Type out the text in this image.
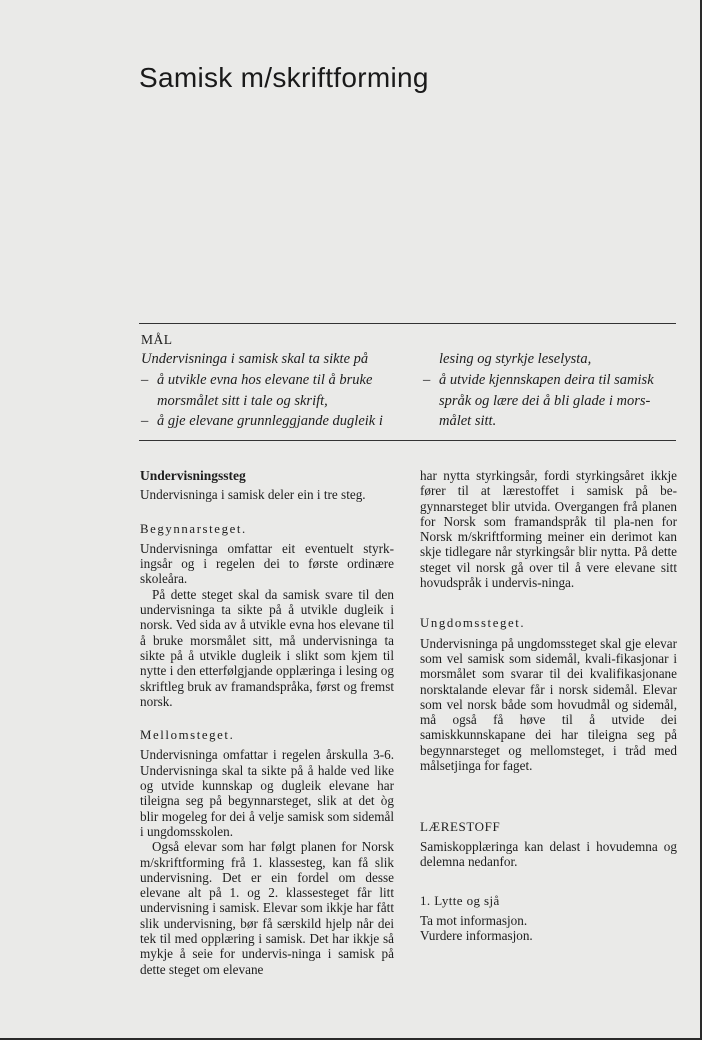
Samisk m/skriftforming
MÅL
Undervisninga i samisk skal ta sikte på
– å utvikle evna hos elevane til å bruke
morsmålet sitt i tale og skrift,
– å gje elevane grunnleggjande dugleik i
lesing og styrkje leselysta,
– å utvide kjennskapen deira til samisk
språk og lære dei å bli glade i mors-
målet sitt.
Undervisningssteg

Undervisninga i samisk deler ein i tre steg.

Begynnarsteget.

Undervisninga omfattar eit eventuelt styrk-ingsår og i regelen dei to første ordinære skoleåra.

På dette steget skal da samisk svare til den undervisninga ta sikte på å utvikle dugleik i norsk. Ved sida av å utvikle evna hos elevane til å bruke morsmålet sitt, må undervisninga ta sikte på å utvikle dugleik i slikt som kjem til nytte i den etterfølgjande opplæringa i lesing og skriftleg bruk av framandspråka, først og fremst norsk.

Mellomsteget.

Undervisninga omfattar i regelen årskulla 3-6. Undervisninga skal ta sikte på å halde ved like og utvide kunnskap og dugleik elevane har tileigna seg på begynnarsteget, slik at det òg blir mogeleg for dei å velje samisk som sidemål i ungdomsskolen.

Også elevar som har følgt planen for Norsk m/skriftforming frå 1. klassesteg, kan få slik undervisning. Det er ein fordel om desse elevane alt på 1. og 2. klassesteget får litt undervisning i samisk. Elevar som ikkje har fått slik undervisning, bør få særskild hjelp når dei tek til med opplæring i samisk. Det har ikkje så mykje å seie for undervis-ninga i samisk på dette steget om elevane

har nytta styrkingsår, fordi styrkingsåret ikkje fører til at lærestoffet i samisk på be-gynnarsteget blir utvida. Overgangen frå planen for Norsk som framandspråk til pla-nen for Norsk m/skriftforming meiner ein derimot kan skje tidlegare når styrkingsår blir nytta. På dette steget vil norsk gå over til å vere elevane sitt hovudspråk i undervis-ninga.

Ungdomssteget.

Undervisninga på ungdomssteget skal gje elevar som vel samisk som sidemål, kvali-fikasjonar i morsmålet som svarar til dei kvalifikasjonane norsktalande elevar får i norsk sidemål. Elevar som vel norsk både som hovudmål og sidemål, må også få høve til å utvide dei samiskkunnskapane dei har tileigna seg på begynnarsteget og mellomsteget, i tråd med målsetjinga for faget.

LÆRESTOFF

Samiskopplæringa kan delast i hovudemna og delemna nedanfor.

1. Lytte og sjå
Ta mot informasjon.
Vurdere informasjon.
